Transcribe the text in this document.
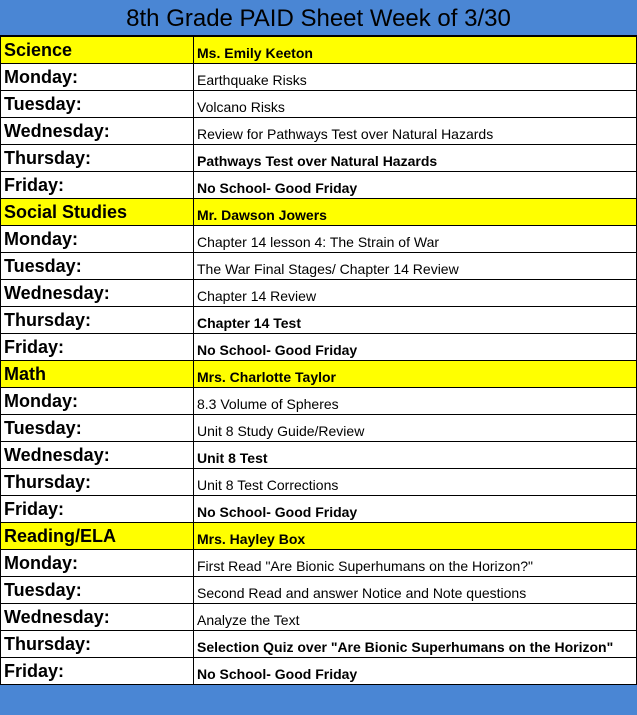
8th Grade PAID Sheet Week of 3/30
Science	Ms. Emily Keeton
Monday:	Earthquake Risks
Tuesday:	Volcano Risks
Wednesday:	Review for Pathways Test over Natural Hazards
Thursday:	Pathways Test over Natural Hazards
Friday:	No School- Good Friday
Social Studies	Mr. Dawson Jowers
Monday:	Chapter 14 lesson 4: The Strain of War
Tuesday:	The War Final Stages/ Chapter 14 Review
Wednesday:	Chapter 14 Review
Thursday:	Chapter 14 Test
Friday:	No School- Good Friday
Math	Mrs. Charlotte Taylor
Monday:	8.3 Volume of Spheres
Tuesday:	Unit 8 Study Guide/Review
Wednesday:	Unit 8 Test
Thursday:	Unit 8 Test Corrections
Friday:	No School- Good Friday
Reading/ELA	Mrs. Hayley Box
Monday:	First Read "Are Bionic Superhumans on the Horizon?"
Tuesday:	Second Read and answer Notice and Note questions
Wednesday:	Analyze the Text
Thursday:	Selection Quiz over "Are Bionic Superhumans on the Horizon"
Friday:	No School- Good Friday
